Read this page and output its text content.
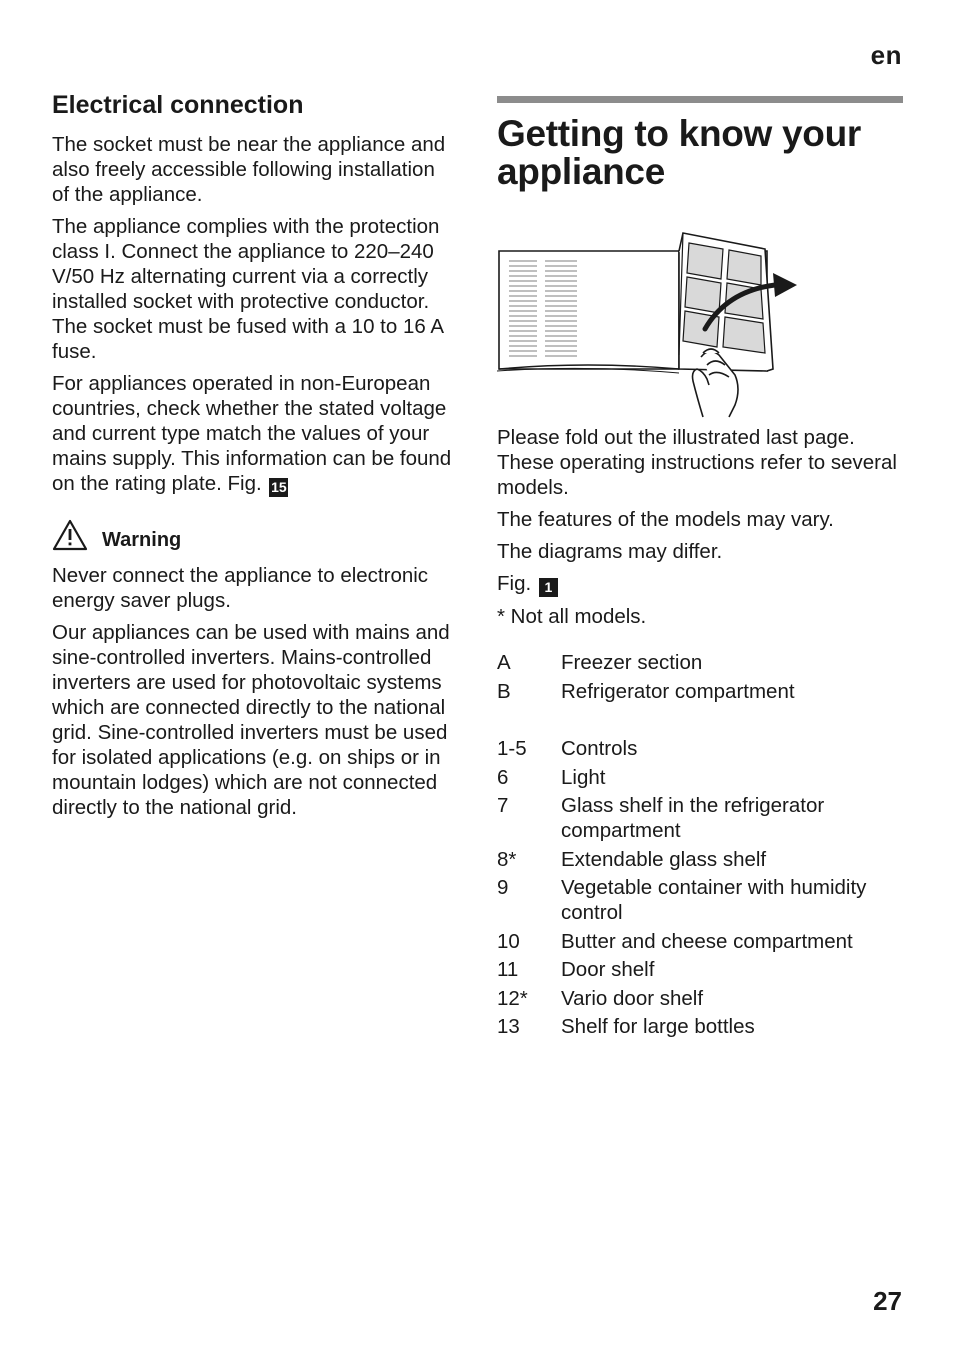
en
Electrical connection

The socket must be near the appliance and also freely accessible following installation of the appliance.

The appliance complies with the protection class I. Connect the appliance to 220–240 V/50 Hz alternating current via a correctly installed socket with protective conductor. The socket must be fused with a 10 to 16 A fuse.

For appliances operated in non-European countries, check whether the stated voltage and current type match the values of your mains supply. This information can be found on the rating plate. Fig. 15

Warning

Never connect the appliance to electronic energy saver plugs.

Our appliances can be used with mains and sine-controlled inverters. Mains-controlled inverters are used for photovoltaic systems which are connected directly to the national grid. Sine-controlled inverters must be used for isolated applications (e.g. on ships or in mountain lodges) which are not connected directly to the national grid.

Getting to know your appliance

Please fold out the illustrated last page. These operating instructions refer to several models.

The features of the models may vary.

The diagrams may differ.

Fig. 1

* Not all models.

A	Freezer section
B	Refrigerator compartment
1-5	Controls
6	Light
7	Glass shelf in the refrigerator compartment
8*	Extendable glass shelf
9	Vegetable container with humidity control
10	Butter and cheese compartment
11	Door shelf
12*	Vario door shelf
13	Shelf for large bottles
27
